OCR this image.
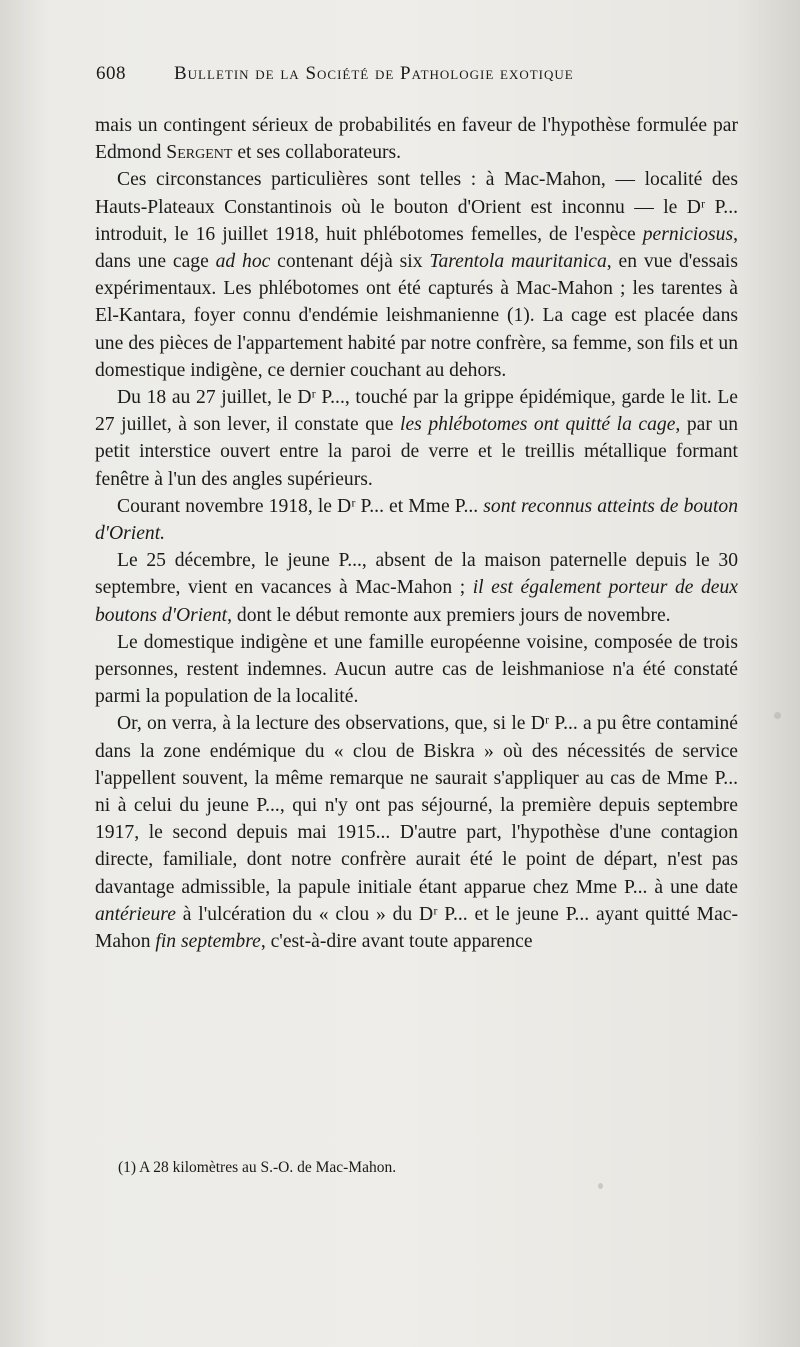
608	Bulletin de la Société de Pathologie exotique

mais un contingent sérieux de probabilités en faveur de l'hypothèse formulée par Edmond Sergent et ses collaborateurs.

Ces circonstances particulières sont telles : à Mac-Mahon, — localité des Hauts-Plateaux Constantinois où le bouton d'Orient est inconnu — le Dʳ P... introduit, le 16 juillet 1918, huit phlébotomes femelles, de l'espèce perniciosus, dans une cage ad hoc contenant déjà six Tarentola mauritanica, en vue d'essais expérimentaux. Les phlébotomes ont été capturés à Mac-Mahon ; les tarentes à El-Kantara, foyer connu d'endémie leishmanienne (1). La cage est placée dans une des pièces de l'appartement habité par notre confrère, sa femme, son fils et un domestique indigène, ce dernier couchant au dehors.

Du 18 au 27 juillet, le Dʳ P..., touché par la grippe épidémique, garde le lit. Le 27 juillet, à son lever, il constate que les phlébotomes ont quitté la cage, par un petit interstice ouvert entre la paroi de verre et le treillis métallique formant fenêtre à l'un des angles supérieurs.

Courant novembre 1918, le Dʳ P... et Mme P... sont reconnus atteints de bouton d'Orient.

Le 25 décembre, le jeune P..., absent de la maison paternelle depuis le 30 septembre, vient en vacances à Mac-Mahon ; il est également porteur de deux boutons d'Orient, dont le début remonte aux premiers jours de novembre.

Le domestique indigène et une famille européenne voisine, composée de trois personnes, restent indemnes. Aucun autre cas de leishmaniose n'a été constaté parmi la population de la localité.

Or, on verra, à la lecture des observations, que, si le Dʳ P... a pu être contaminé dans la zone endémique du « clou de Biskra » où des nécessités de service l'appellent souvent, la même remarque ne saurait s'appliquer au cas de Mme P... ni à celui du jeune P..., qui n'y ont pas séjourné, la première depuis septembre 1917, le second depuis mai 1915... D'autre part, l'hypothèse d'une contagion directe, familiale, dont notre confrère aurait été le point de départ, n'est pas davantage admissible, la papule initiale étant apparue chez Mme P... à une date antérieure à l'ulcération du « clou » du Dʳ P... et le jeune P... ayant quitté Mac-Mahon fin septembre, c'est-à-dire avant toute apparence

(1) A 28 kilomètres au S.-O. de Mac-Mahon.
